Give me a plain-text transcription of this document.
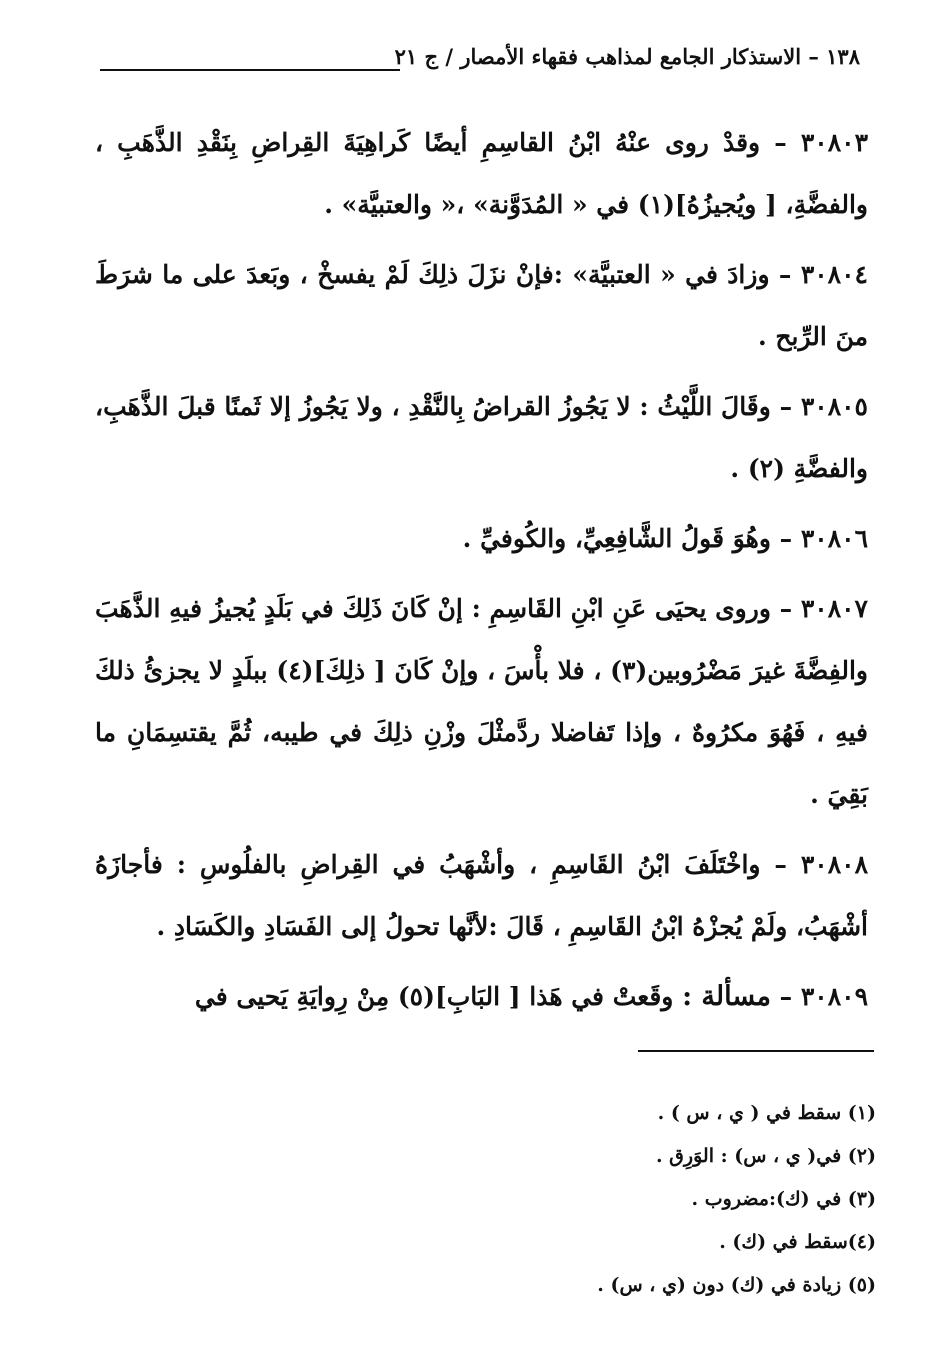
١٣٨ – الاستذكار الجامع لمذاهب فقهاء الأمصار / ج ٢١

٣٠٨٠٣ – وقدْ روى عنْهُ ابْنُ القاسِمِ أيضًا كَراهِيَةَ القِراضِ بِنَقْدِ الذَّهَبِ ، والفضَّةِ، [ ويُجيزُهُ](١) في « المُدَوَّنة» ،« والعتبيَّة» .

٣٠٨٠٤ – وزادَ في « العتبيَّة» :فإنْ نزَلَ ذلِكَ لَمْ يفسخْ ، وبَعدَ على ما شرَطَ منَ الرِّبح .

٣٠٨٠٥ – وقَالَ اللَّيْثُ : لا يَجُوزُ القراضُ بِالنَّقْدِ ، ولا يَجُوزُ إلا ثَمنًا قبلَ الذَّهَبِ، والفضَّةِ (٢) .

٣٠٨٠٦ – وهُوَ قَولُ الشَّافِعِيِّ، والكُوفيِّ .

٣٠٨٠٧ – وروى يحيَى عَنِ ابْنِ القَاسِمِ : إنْ كَانَ ذَلِكَ في بَلَدٍ يُجيزُ فيهِ الذَّهَبَ والفِضَّةَ غيرَ مَضْرُوبين(٣) ، فلا بأْسَ ، وإنْ كَانَ [ ذلِكَ](٤) ببلَدٍ لا يجزئُ ذلكَ فيهِ ، فَهُوَ مكرُوهٌ ، وإذا تَفاضلا ردَّمثْلَ وزْنِ ذلِكَ في طيبه، ثُمَّ يقتسِمَانِ ما بَقِيَ .

٣٠٨٠٨ – واخْتَلَفَ ابْنُ القَاسِمِ ، وأشْهَبُ في القِراضِ بالفلُوسِ : فأجازَهُ أشْهَبُ، ولَمْ يُجزْهُ ابْنُ القَاسِمِ ، قَالَ :لأنَّها تحولُ إلى الفَسَادِ والكَسَادِ .

٣٠٨٠٩ – مسألة : وقَعتْ في هَذا [ البَابِ](٥) مِنْ رِوايَةِ يَحيى في

(١) سقط في ( ي ، س ) .
(٢) في( ي ، س) : الوَرِق .
(٣) في (ك):مضروب .
(٤)سقط في (ك) .
(٥) زيادة في (ك) دون (ي ، س) .
